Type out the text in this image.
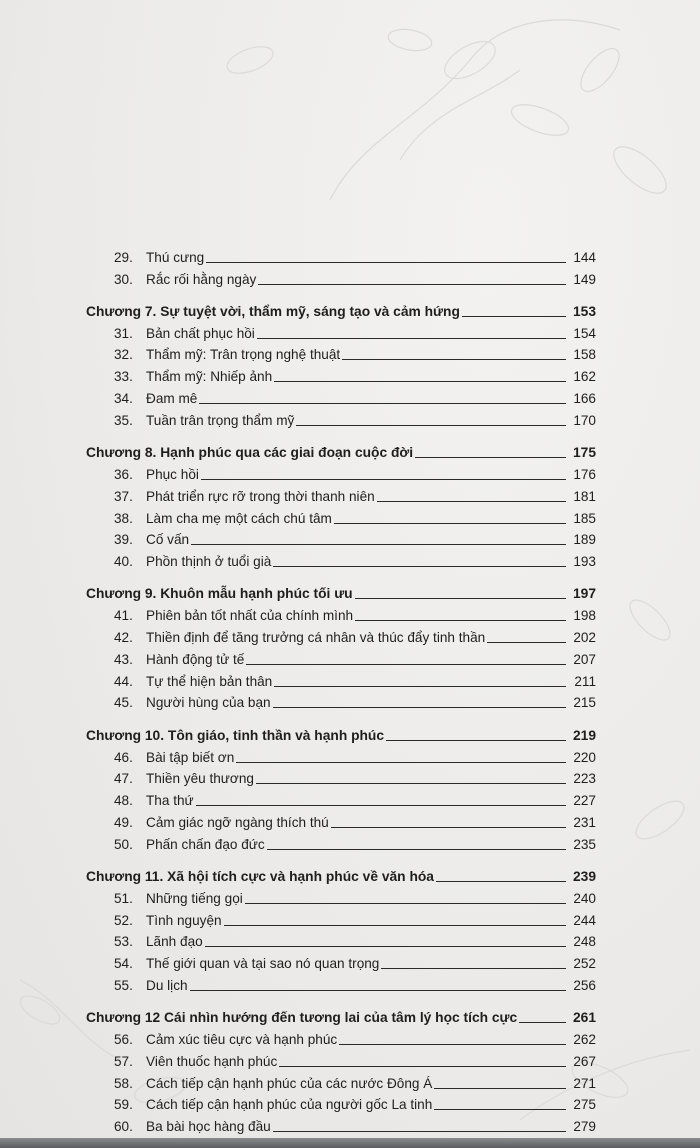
29. Thú cưng	144
30. Rắc rối hằng ngày	149
Chương 7. Sự tuyệt vời, thẩm mỹ, sáng tạo và cảm hứng	153
31. Bản chất phục hồi	154
32. Thẩm mỹ: Trân trọng nghệ thuật	158
33. Thẩm mỹ: Nhiếp ảnh	162
34. Đam mê	166
35. Tuần trân trọng thẩm mỹ	170
Chương 8. Hạnh phúc qua các giai đoạn cuộc đời	175
36. Phục hồi	176
37. Phát triển rực rỡ trong thời thanh niên	181
38. Làm cha mẹ một cách chú tâm	185
39. Cố vấn	189
40. Phồn thịnh ở tuổi già	193
Chương 9. Khuôn mẫu hạnh phúc tối ưu	197
41. Phiên bản tốt nhất của chính mình	198
42. Thiền định để tăng trưởng cá nhân và thúc đẩy tinh thần	202
43. Hành động tử tế	207
44. Tự thể hiện bản thân	211
45. Người hùng của bạn	215
Chương 10. Tôn giáo, tinh thần và hạnh phúc	219
46. Bài tập biết ơn	220
47. Thiền yêu thương	223
48. Tha thứ	227
49. Cảm giác ngỡ ngàng thích thú	231
50. Phấn chấn đạo đức	235
Chương 11. Xã hội tích cực và hạnh phúc về văn hóa	239
51. Những tiếng gọi	240
52. Tình nguyện	244
53. Lãnh đạo	248
54. Thế giới quan và tại sao nó quan trọng	252
55. Du lịch	256
Chương 12 Cái nhìn hướng đến tương lai của tâm lý học tích cực	261
56. Cảm xúc tiêu cực và hạnh phúc	262
57. Viên thuốc hạnh phúc	267
58. Cách tiếp cận hạnh phúc của các nước Đông Á	271
59. Cách tiếp cận hạnh phúc của người gốc La tinh	275
60. Ba bài học hàng đầu	279
